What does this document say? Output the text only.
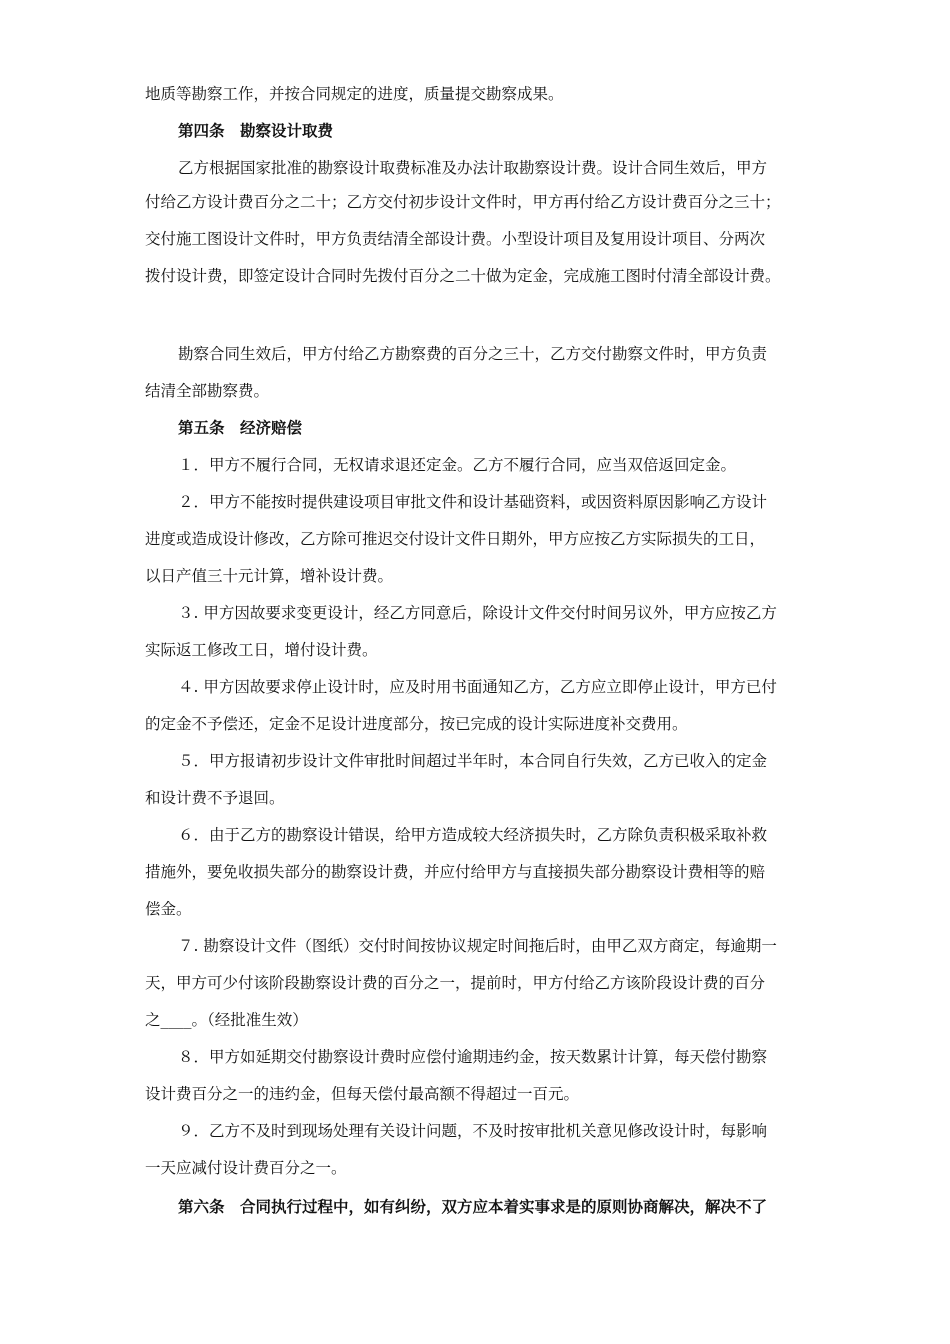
地质等勘察工作，并按合同规定的进度，质量提交勘察成果。
第四条　勘察设计取费
乙方根据国家批准的勘察设计取费标准及办法计取勘察设计费。设计合同生效后，甲方
付给乙方设计费百分之二十；乙方交付初步设计文件时，甲方再付给乙方设计费百分之三十；
交付施工图设计文件时，甲方负责结清全部设计费。小型设计项目及复用设计项目、分两次
拨付设计费，即签定设计合同时先拨付百分之二十做为定金，完成施工图时付清全部设计费。
勘察合同生效后，甲方付给乙方勘察费的百分之三十，乙方交付勘察文件时，甲方负责
结清全部勘察费。
第五条　经济赔偿
１．甲方不履行合同，无权请求退还定金。乙方不履行合同，应当双倍返回定金。
２．甲方不能按时提供建设项目审批文件和设计基础资料，或因资料原因影响乙方设计
进度或造成设计修改，乙方除可推迟交付设计文件日期外，甲方应按乙方实际损失的工日，
以日产值三十元计算，增补设计费。
３. 甲方因故要求变更设计，经乙方同意后，除设计文件交付时间另议外，甲方应按乙方
实际返工修改工日，增付设计费。
４. 甲方因故要求停止设计时，应及时用书面通知乙方，乙方应立即停止设计，甲方已付
的定金不予偿还，定金不足设计进度部分，按已完成的设计实际进度补交费用。
５．甲方报请初步设计文件审批时间超过半年时，本合同自行失效，乙方已收入的定金
和设计费不予退回。
６．由于乙方的勘察设计错误，给甲方造成较大经济损失时，乙方除负责积极采取补救
措施外，要免收损失部分的勘察设计费，并应付给甲方与直接损失部分勘察设计费相等的赔
偿金。
７. 勘察设计文件（图纸）交付时间按协议规定时间拖后时，由甲乙双方商定，每逾期一
天，甲方可少付该阶段勘察设计费的百分之一，提前时，甲方付给乙方该阶段设计费的百分
之____。（经批准生效）
８．甲方如延期交付勘察设计费时应偿付逾期违约金，按天数累计计算，每天偿付勘察
设计费百分之一的违约金，但每天偿付最高额不得超过一百元。
９．乙方不及时到现场处理有关设计问题，不及时按审批机关意见修改设计时，每影响
一天应减付设计费百分之一。
第六条　合同执行过程中，如有纠纷，双方应本着实事求是的原则协商解决，解决不了
